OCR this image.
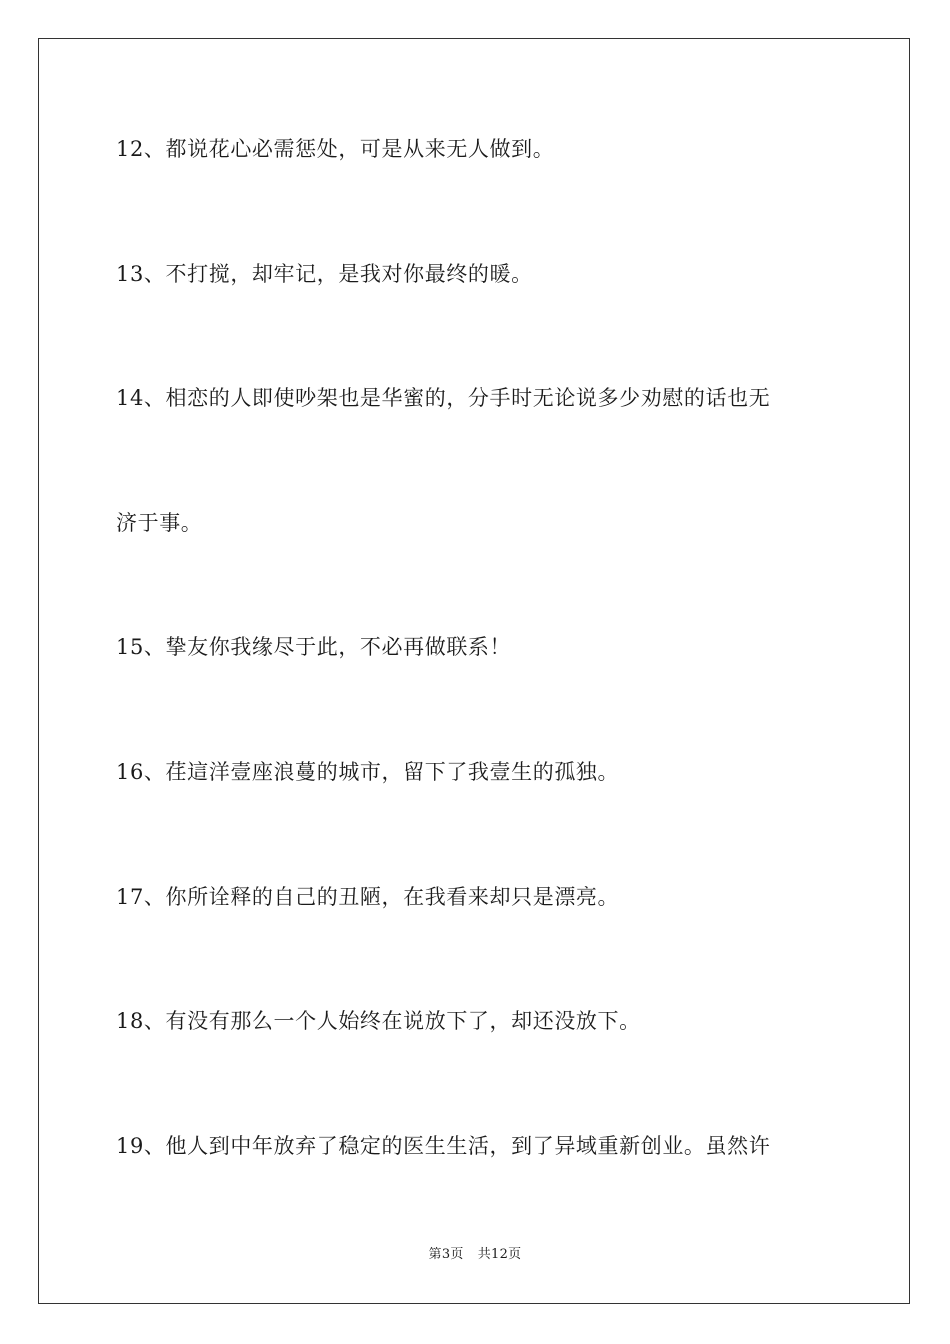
12、都说花心必需惩处，可是从来无人做到。
13、不打搅，却牢记，是我对你最终的暖。
14、相恋的人即使吵架也是华蜜的，分手时无论说多少劝慰的话也无
济于事。
15、挚友你我缘尽于此，不必再做联系！
16、荏這洋壹座浪蔓的城市，留下了我壹生的孤独。
17、你所诠释的自己的丑陋，在我看来却只是漂亮。
18、有没有那么一个人始终在说放下了，却还没放下。
19、他人到中年放弃了稳定的医生生活，到了异域重新创业。虽然许
第3页 共12页
